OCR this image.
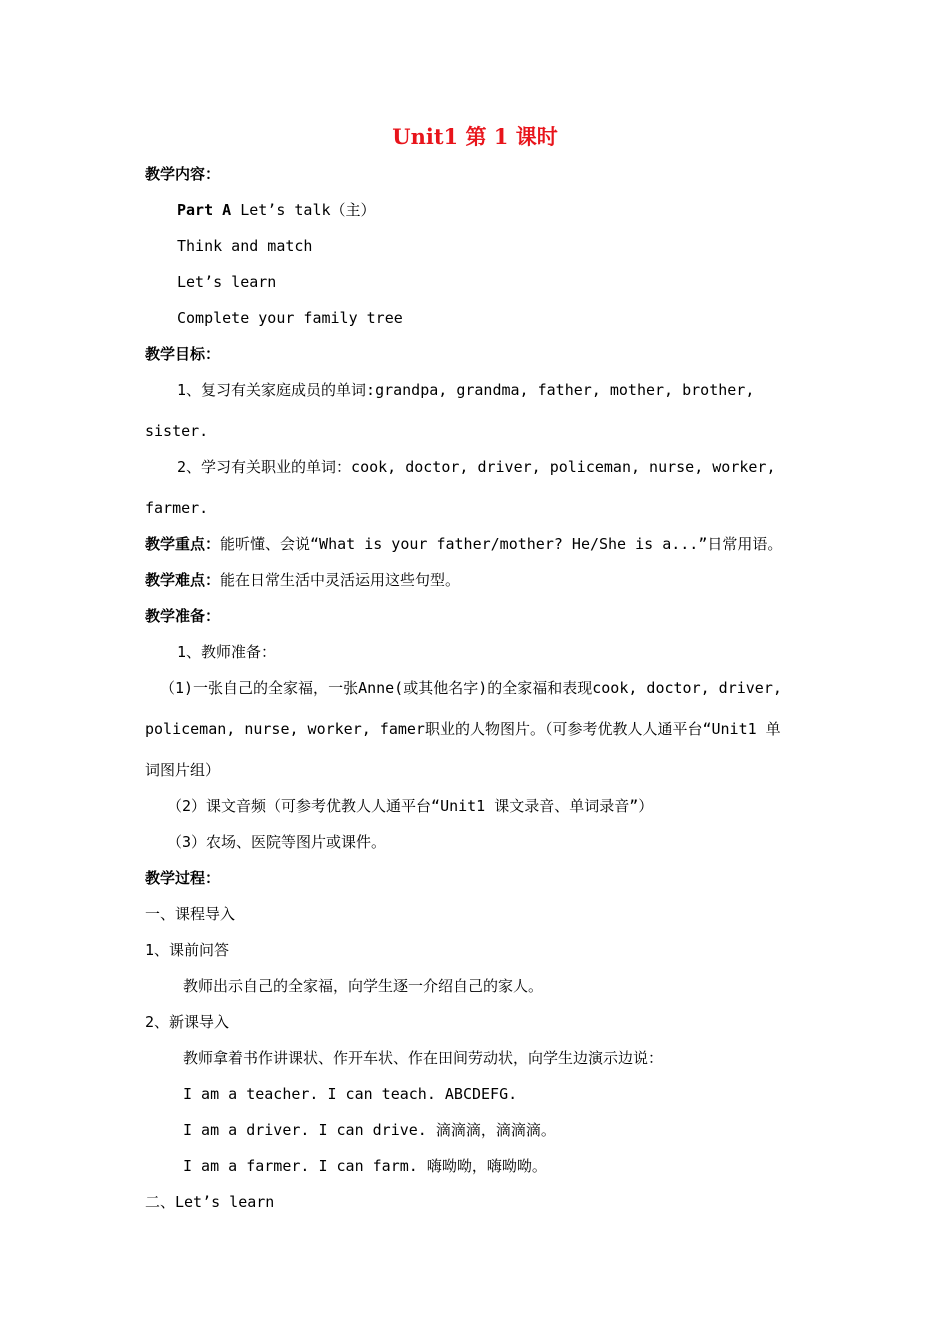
Unit1 第 1 课时
教学内容：
Part A Let’s talk（主）
Think and match
Let’s learn
Complete your family tree
教学目标：
1、复习有关家庭成员的单词:grandpa, grandma, father, mother, brother,
sister.
2、学习有关职业的单词：cook, doctor, driver, policeman, nurse, worker,
farmer.
教学重点：能听懂、会说“What is your father/mother? He/She is a...”日常用语。
教学难点：能在日常生活中灵活运用这些句型。
教学准备：
1、教师准备：
（1)一张自己的全家福，一张Anne(或其他名字)的全家福和表现cook, doctor, driver,
policeman, nurse, worker, famer职业的人物图片。（可参考优教人人通平台“Unit1 单
词图片组）
（2）课文音频（可参考优教人人通平台“Unit1 课文录音、单词录音”）
（3）农场、医院等图片或课件。
教学过程：
一、课程导入
1、课前问答
教师出示自己的全家福，向学生逐一介绍自己的家人。
2、新课导入
教师拿着书作讲课状、作开车状、作在田间劳动状，向学生边演示边说：
I am a teacher. I can teach. ABCDEFG.
I am a driver. I can drive. 滴滴滴，滴滴滴。
I am a farmer. I can farm. 嗨呦呦，嗨呦呦。
二、Let’s learn
